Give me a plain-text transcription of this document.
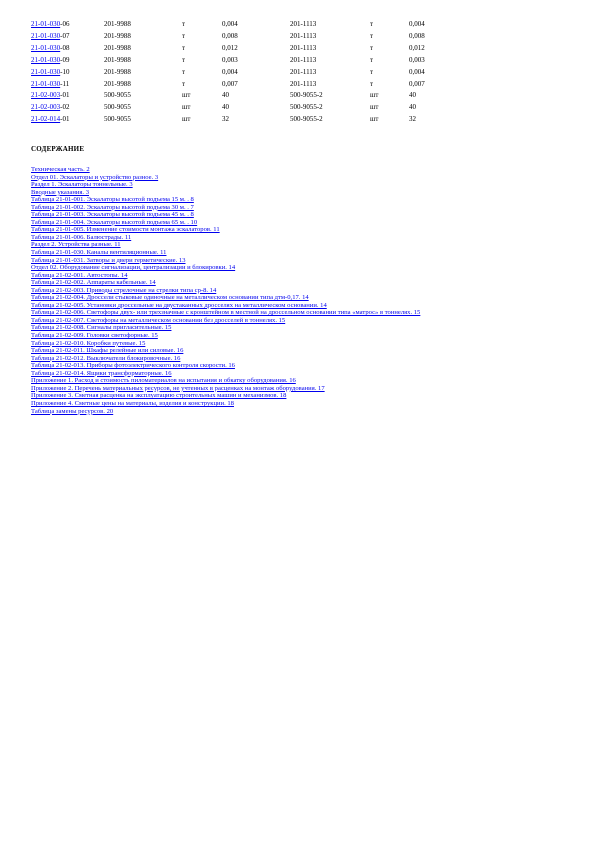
21-01-030-06	201-9988	т	0,004	201-1113	т	0,004
21-01-030-07	201-9988	т	0,008	201-1113	т	0,008
21-01-030-08	201-9988	т	0,012	201-1113	т	0,012
21-01-030-09	201-9988	т	0,003	201-1113	т	0,003
21-01-030-10	201-9988	т	0,004	201-1113	т	0,004
21-01-030-11	201-9988	т	0,007	201-1113	т	0,007
21-02-003-01	500-9055	шт	40	500-9055-2	шт	40
21-02-003-02	500-9055	шт	40	500-9055-2	шт	40
21-02-014-01	500-9055	шт	32	500-9055-2	шт	32
СОДЕРЖАНИЕ
Техническая часть. 2
Отдел 01. Эскалаторы и устройство разное. 3
Раздел 1. Эскалаторы тоннельные. 3
Вводные указания. 3
Таблица 21-01-001. Эскалаторы высотой подъема 15 м. . 8
Таблица 21-01-002. Эскалаторы высотой подъема 30 м. . 7
Таблица 21-01-003. Эскалаторы высотой подъема 45 м. . 8
Таблица 21-01-004. Эскалаторы высотой подъема 65 м. . 10
Таблица 21-01-005. Изменение стоимости монтажа эскалаторов. 11
Таблица 21-01-006. Балюстрады. 11
Раздел 2. Устройства разные. 11
Таблица 21-01-030. Каналы вентиляционные. 11
Таблица 21-01-031. Затворы и двери герметические. 13
Отдел 02. Оборудование сигнализации, централизации и блокировки. 14
Таблица 21-02-001. Автостопы. 14
Таблица 21-02-002. Аппараты кабельные. 14
Таблица 21-02-003. Приводы стрелочные на стрелки типа ср-8. 14
Таблица 21-02-004. Дроссели стыковые одиночные на металлическом основании типа дтм-0,17. 14
Таблица 21-02-005. Установки дроссельные на двустаканных дросселях на металлическом основании. 14
Таблица 21-02-006. Светофоры двух- или трехзначные с кронштейном в местной на дроссельном основании типа «матрос» в тоннелях. 15
Таблица 21-02-007. Светофоры на металлическом основании без дросселей в тоннелях. 15
Таблица 21-02-008. Сигналы пригласительные. 15
Таблица 21-02-009. Головки светофорные. 15
Таблица 21-02-010. Коробки путевые. 15
Таблица 21-02-011. Шкафы релейные или силовые. 16
Таблица 21-02-012. Выключатели блокировочные. 16
Таблица 21-02-013. Приборы фотоэлектрического контроля скорости. 16
Таблица 21-02-014. Ящики трансформаторные. 16
Приложение 1. Расход и стоимость пиломатериалов на испытания и обкатку оборудования. 16
Приложение 2. Перечень материальных ресурсов, не учтенных в расценках на монтаж оборудования. 17
Приложение 3. Сметная расценка на эксплуатацию строительных машин и механизмов. 18
Приложение 4. Сметные цены на материалы, изделия и конструкции. 18
Таблица замены ресурсов. 20
